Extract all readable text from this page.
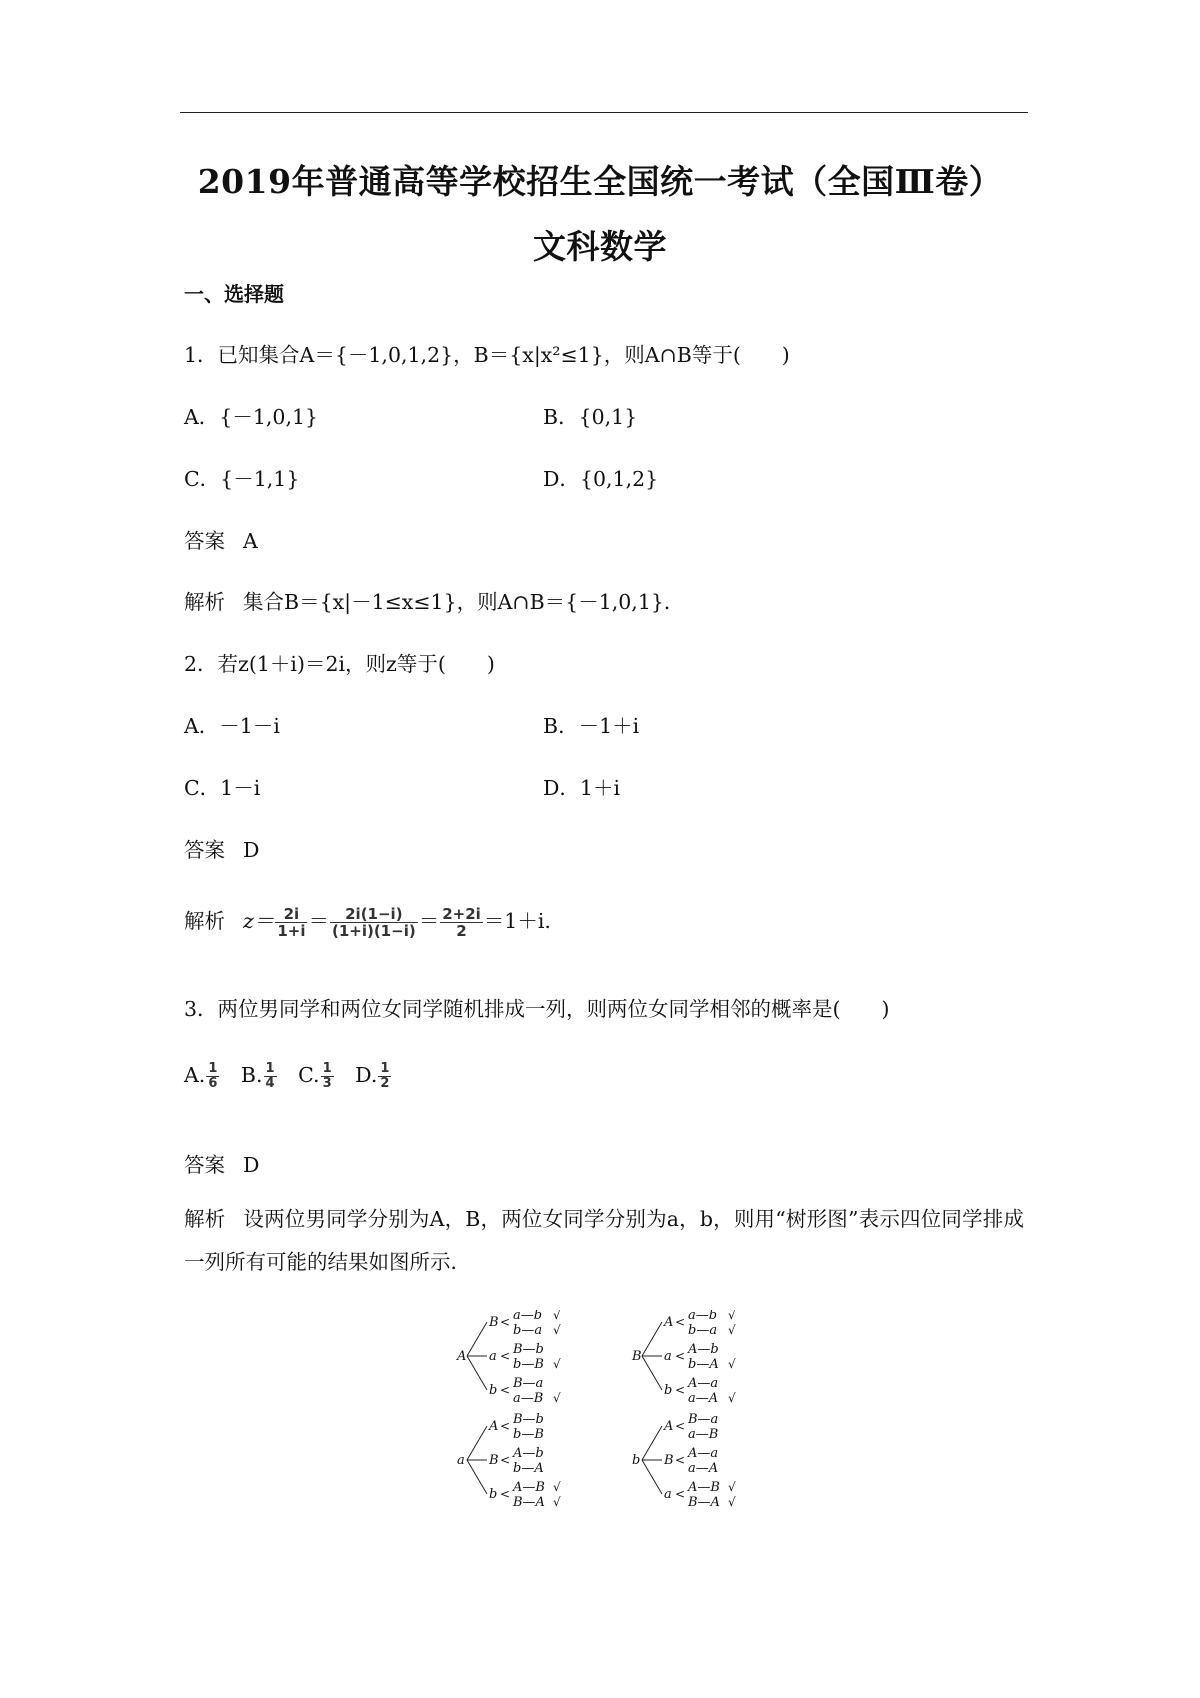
2019年普通高等学校招生全国统一考试（全国Ⅲ卷）
文科数学
一、选择题
1．已知集合A＝{－1,0,1,2}，B＝{x|x²≤1}，则A∩B等于(　　)
A．{－1,0,1}	B．{0,1}
C．{－1,1}	D．{0,1,2}
答案 A
解析 集合B＝{x|－1≤x≤1}，则A∩B＝{－1,0,1}．
2．若z(1＋i)＝2i，则z等于(　　)
A．－1－i	B．－1＋i
C．1－i	D．1＋i
答案 D
解析 $z= \frac{2i}{1+i} = \frac{2i(1-i)}{(1+i)(1-i)} = \frac{2+2i}{2} =1+i$.
3．两位男同学和两位女同学随机排成一列，则两位女同学相邻的概率是(　　)
A. $\frac{1}{6} B$. $\frac{1}{4} C$. $\frac{1}{3} D$. $\frac{1}{2}$
答案 D
解析 设两位男同学分别为A，B，两位女同学分别为a，b，则用“树形图”表示四位同学排成一列所有可能的结果如图所示．
A
B < a—b √
b—a √
a < B—b
b—B √
b < B—a
a—B √
B
A < a—b √
b—a √
a < A—b
b—A √
b < A—a
a—A √
a
A < B—b
b—B
B < A—b
b—A
b < A—B √
B—A √
b
A < B—a
a—B
B < A—a
a—A
a < A—B √
B—A √
